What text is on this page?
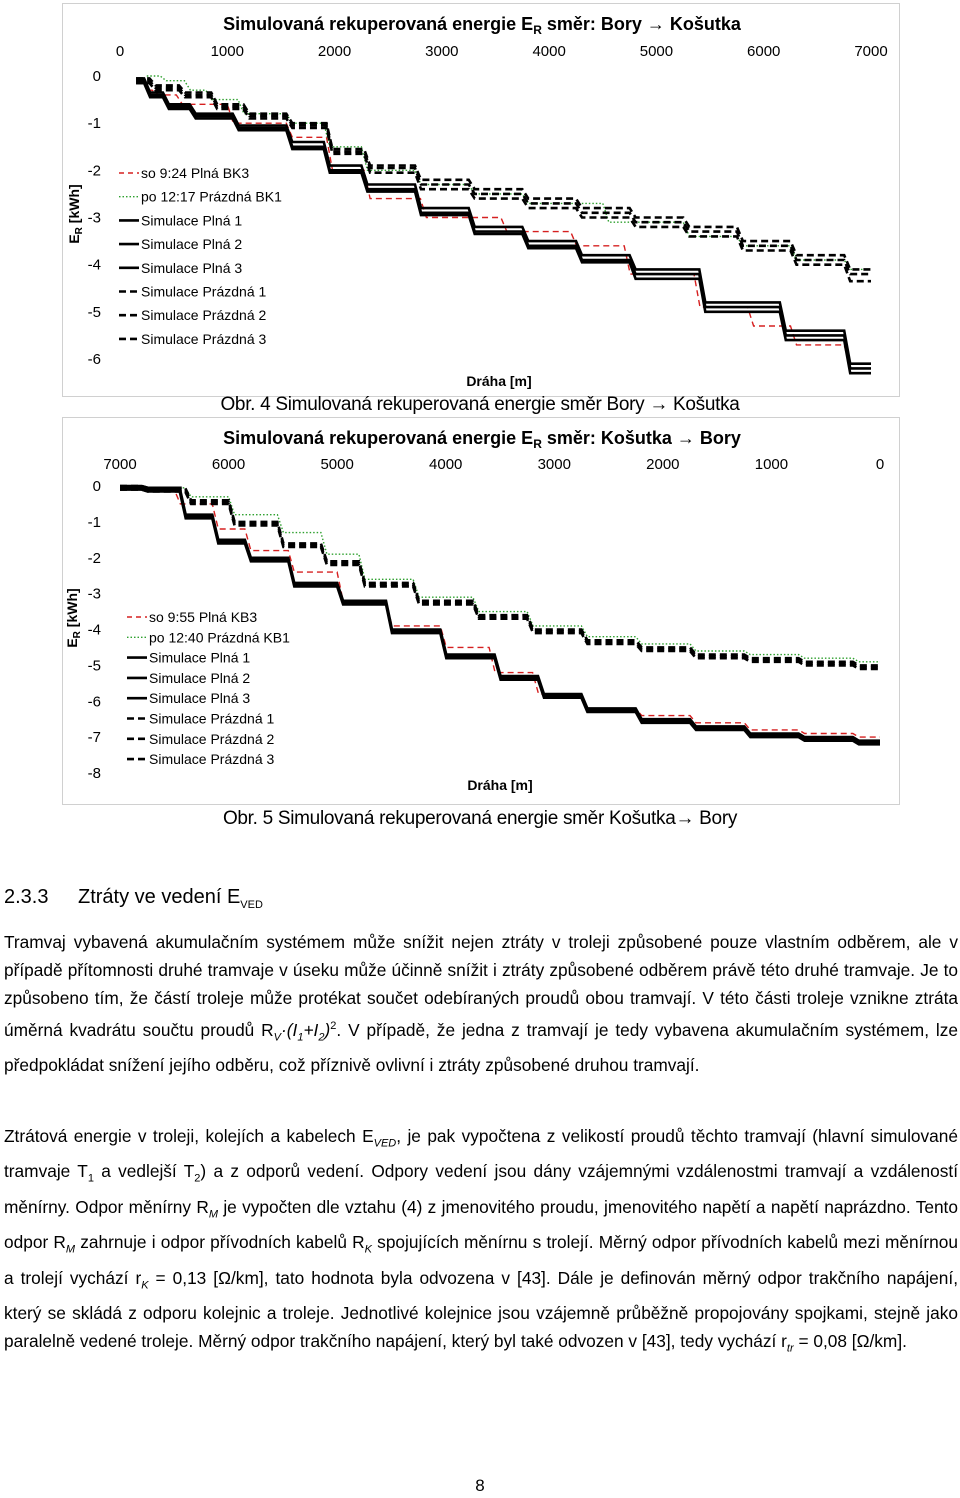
Simulovaná rekuperovaná energie $E_R$ směr: Bory → Košutka
0	1000	2000	3000	4000	5000	6000	7000
0
-1
-2
-3
-4
-5
-6
$E_R$ [kWh]
Dráha [m]
so 9:24 Plná BK3
po 12:17 Prázdná BK1
Simulace Plná 1
Simulace Plná 2
Simulace Plná 3
Simulace Prázdná 1
Simulace Prázdná 2
Simulace Prázdná 3
Obr. 4 Simulovaná rekuperovaná energie směr Bory → Košutka
Simulovaná rekuperovaná energie $E_R$ směr: Košutka → Bory
7000	6000	5000	4000	3000	2000	1000	0
0
-1
-2
-3
-4
-5
-6
-7
-8
$E_R$ [kWh]
Dráha [m]
so 9:55 Plná KB3
po 12:40 Prázdná KB1
Simulace Plná 1
Simulace Plná 2
Simulace Plná 3
Simulace Prázdná 1
Simulace Prázdná 2
Simulace Prázdná 3
Obr. 5 Simulovaná rekuperovaná energie směr Košutka→ Bory
2.3.3 Ztráty ve vedení $E_{VED}$
Tramvaj vybavená akumulačním systémem může snížit nejen ztráty v troleji způsobené pouze vlastním odběrem, ale v případě přítomnosti druhé tramvaje v úseku může účinně snížit i ztráty způsobené odběrem právě této druhé tramvaje. Je to způsobeno tím, že částí troleje může protékat součet odebíraných proudů obou tramvají. V této části troleje vznikne ztráta úměrná kvadrátu součtu proudů $R_V\cdot(I_1+I_2)^2$. V případě, že jedna z tramvají je tedy vybavena akumulačním systémem, lze předpokládat snížení jejího odběru, což příznivě ovlivní i ztráty způsobené druhou tramvají.
Ztrátová energie v troleji, kolejích a kabelech $E_{VED}$, je pak vypočtena z velikostí proudů těchto tramvají (hlavní simulované tramvaje $T_1$ a vedlejší $T_2$) a z odporů vedení. Odpory vedení jsou dány vzájemnými vzdálenostmi tramvají a vzdáleností měnírny. Odpor měnírny $R_M$ je vypočten dle vztahu (4) z jmenovitého proudu, jmenovitého napětí a napětí naprázdno. Tento odpor $R_M$ zahrnuje i odpor přívodních kabelů $R_K$ spojujících měnírnu s trolejí. Měrný odpor přívodních kabelů mezi měnírnou a trolejí vychází $r_K = 0,13$ [Ω/km], tato hodnota byla odvozena v [43]. Dále je definován měrný odpor trakčního napájení, který se skládá z odporu kolejnic a troleje. Jednotlivé kolejnice jsou vzájemně průběžně propojovány spojkami, stejně jako paralelně vedené troleje. Měrný odpor trakčního napájení, který byl také odvozen v [43], tedy vychází $r_{tr} = 0,08$ [Ω/km].
8
